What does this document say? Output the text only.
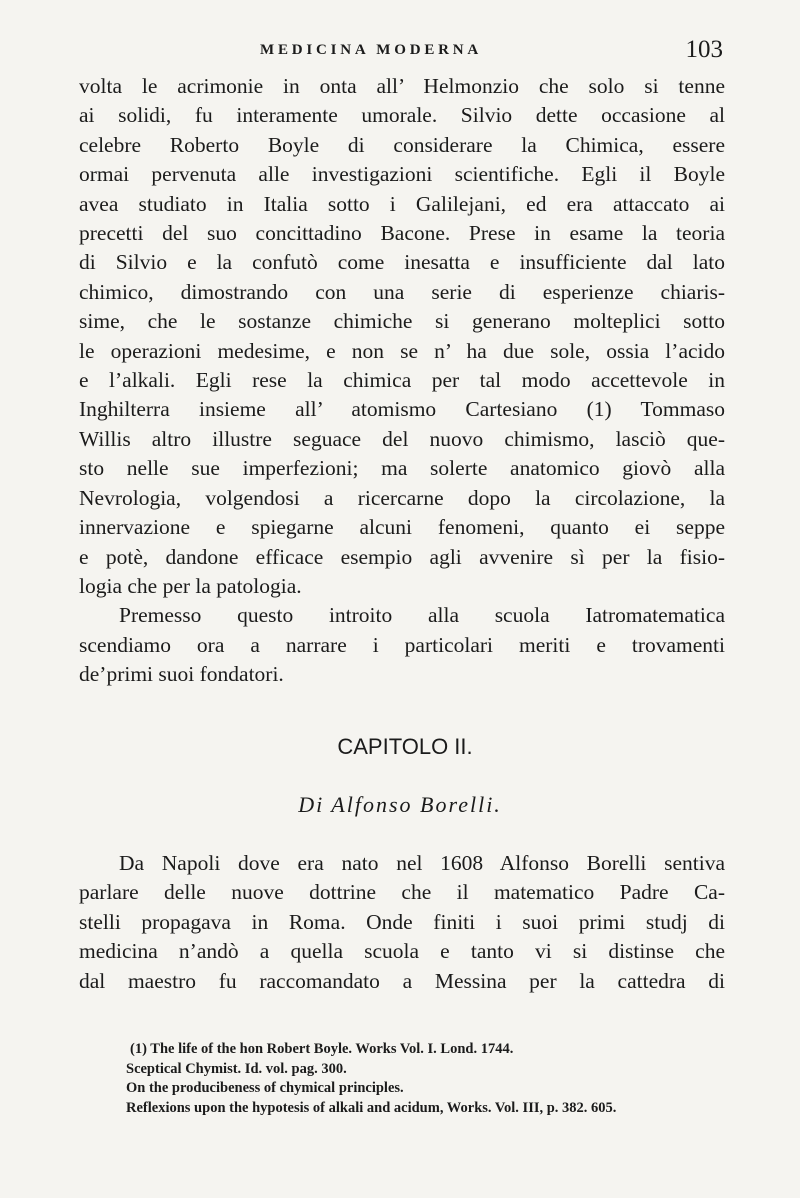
MEDICINA MODERNA	103
volta le acrimonie in onta all’ Helmonzio che solo si tenne
ai solidi, fu interamente umorale. Silvio dette occasione al
celebre Roberto Boyle di considerare la Chimica, essere
ormai pervenuta alle investigazioni scientifiche. Egli il Boyle
avea studiato in Italia sotto i Galilejani, ed era attaccato ai
precetti del suo concittadino Bacone. Prese in esame la teoria
di Silvio e la confutò come inesatta e insufficiente dal lato
chimico, dimostrando con una serie di esperienze chiaris-
sime, che le sostanze chimiche si generano molteplici sotto
le operazioni medesime, e non se n’ ha due sole, ossia l’acido
e l’alkali. Egli rese la chimica per tal modo accettevole in
Inghilterra insieme all’ atomismo Cartesiano (1) Tommaso
Willis altro illustre seguace del nuovo chimismo, lasciò que-
sto nelle sue imperfezioni; ma solerte anatomico giovò alla
Nevrologia, volgendosi a ricercarne dopo la circolazione, la
innervazione e spiegarne alcuni fenomeni, quanto ei seppe
e potè, dandone efficace esempio agli avvenire sì per la fisio-
logia che per la patologia.
Premesso questo introito alla scuola Iatromatematica
scendiamo ora a narrare i particolari meriti e trovamenti
de’primi suoi fondatori.
CAPITOLO II.
Di Alfonso Borelli.
Da Napoli dove era nato nel 1608 Alfonso Borelli sentiva
parlare delle nuove dottrine che il matematico Padre Ca-
stelli propagava in Roma. Onde finiti i suoi primi studj di
medicina n’andò a quella scuola e tanto vi si distinse che
dal maestro fu raccomandato a Messina per la cattedra di
(1) The life of the hon Robert Boyle. Works Vol. I. Lond. 1744.
Sceptical Chymist. Id. vol. pag. 300.
On the producibeness of chymical principles.
Reflexions upon the hypotesis of alkali and acidum, Works. Vol. III, p. 382. 605.
